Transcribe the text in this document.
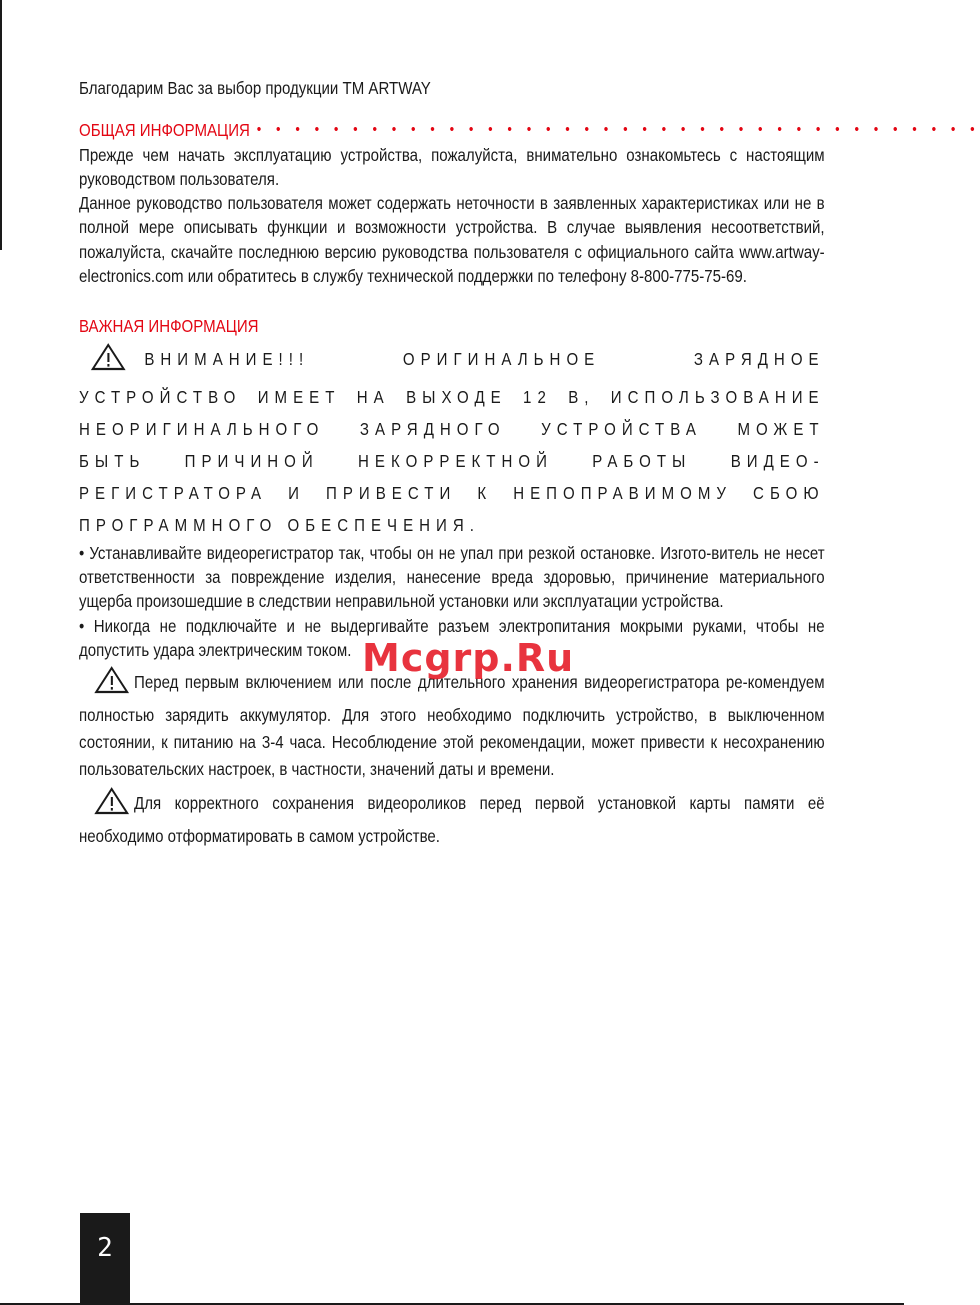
Благодарим Вас за выбор продукции ТМ ARTWAY

ОБЩАЯ ИНФОРМАЦИЯ • • • • • • • • • • • • • • • • • • • • • • • • • • • • • • • • • • • • • •

Прежде чем начать эксплуатацию устройства, пожалуйста, внимательно ознакомьтесь с настоящим руководством пользователя.

Данное руководство пользователя может содержать неточности в заявленных характеристиках или не в полной мере описывать функции и возможности устройства. В случае выявления несоответствий, пожалуйста, скачайте последнюю версию руководства пользователя с официального сайта www.artway-electronics.com или обратитесь в службу технической поддержки по телефону 8-800-775-75-69.

ВАЖНАЯ ИНФОРМАЦИЯ

ВНИМАНИЕ!!! ОРИГИНАЛЬНОЕ ЗАРЯДНОЕ УСТРОЙСТВО ИМЕЕТ НА ВЫХОДЕ 12 В, ИСПОЛЬЗОВАНИЕ НЕОРИГИНАЛЬНОГО ЗАРЯДНОГО УСТРОЙСТВА МОЖЕТ БЫТЬ ПРИЧИНОЙ НЕКОРРЕКТНОЙ РАБОТЫ ВИДЕО-РЕГИСТРАТОРА И ПРИВЕСТИ К НЕПОПРАВИМОМУ СБОЮ ПРОГРАММНОГО ОБЕСПЕЧЕНИЯ.

• Устанавливайте видеорегистратор так, чтобы он не упал при резкой остановке. Изгото-витель не несет ответственности за повреждение изделия, нанесение вреда здоровью, причинение материального ущерба произошедшие в следствии неправильной установки или эксплуатации устройства.

• Никогда не подключайте и не выдергивайте разъем электропитания мокрыми руками, чтобы не допустить удара электрическим током.

Перед первым включением или после длительного хранения видеорегистратора ре-комендуем полностью зарядить аккумулятор. Для этого необходимо подключить устройство, в выключенном состоянии, к питанию на 3-4 часа. Несоблюдение этой рекомендации, может привести к несохранению пользовательских настроек, в частности, значений даты и времени.

Для корректного сохранения видеороликов перед первой установкой карты памяти её необходимо отформатировать в самом устройстве.

Mcgrp.Ru
2
